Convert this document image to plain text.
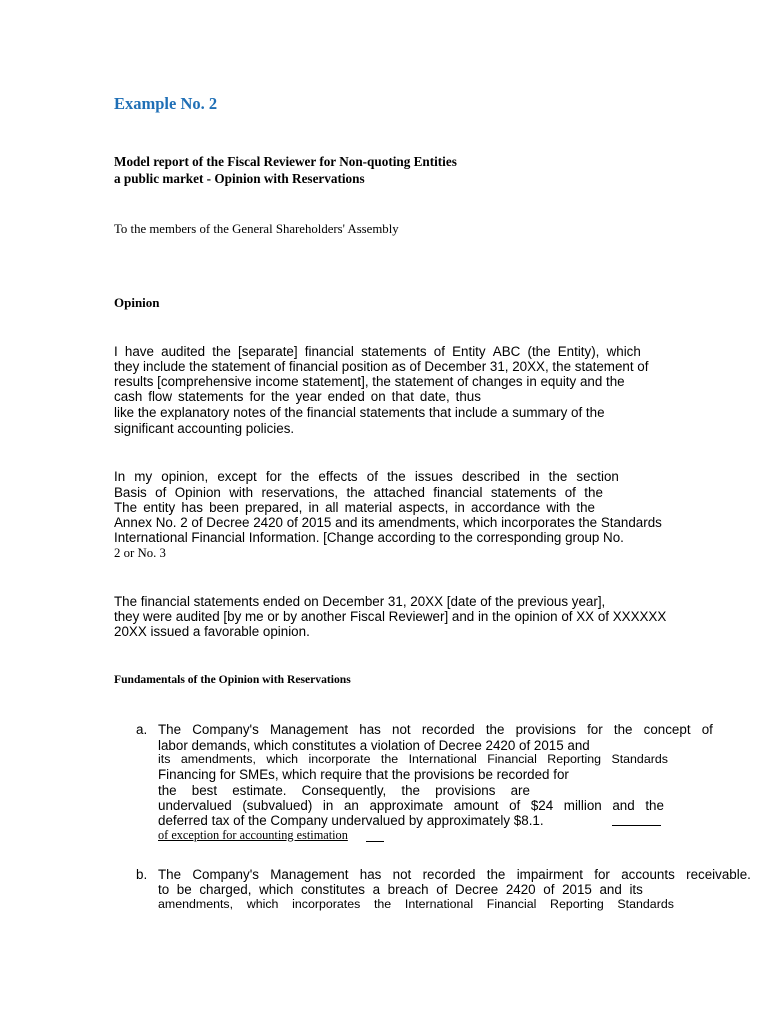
Example No. 2
Model report of the Fiscal Reviewer for Non-quoting Entities
a public market - Opinion with Reservations
To the members of the General Shareholders' Assembly
Opinion
I have audited the [separate] financial statements of Entity ABC (the Entity), which
they include the statement of financial position as of December 31, 20XX, the statement of
results [comprehensive income statement], the statement of changes in equity and the
cash flow statements for the year ended on that date, thus
like the explanatory notes of the financial statements that include a summary of the
significant accounting policies.
In my opinion, except for the effects of the issues described in the section
Basis of Opinion with reservations, the attached financial statements of the
The entity has been prepared, in all material aspects, in accordance with the
Annex No. 2 of Decree 2420 of 2015 and its amendments, which incorporates the Standards
International Financial Information. [Change according to the corresponding group No.
2 or No. 3
The financial statements ended on December 31, 20XX [date of the previous year],
they were audited [by me or by another Fiscal Reviewer] and in the opinion of XX of XXXXXX
20XX issued a favorable opinion.
Fundamentals of the Opinion with Reservations
a. The Company's Management has not recorded the provisions for the concept of
labor demands, which constitutes a violation of Decree 2420 of 2015 and
its amendments, which incorporate the International Financial Reporting Standards
Financing for SMEs, which require that the provisions be recorded for
the best estimate. Consequently, the provisions are
undervalued (subvalued) in an approximate amount of $24 million and the
deferred tax of the Company undervalued by approximately $8.1.
of exception for accounting estimation
b. The Company's Management has not recorded the impairment for accounts receivable.
to be charged, which constitutes a breach of Decree 2420 of 2015 and its
amendments, which incorporates the International Financial Reporting Standards
